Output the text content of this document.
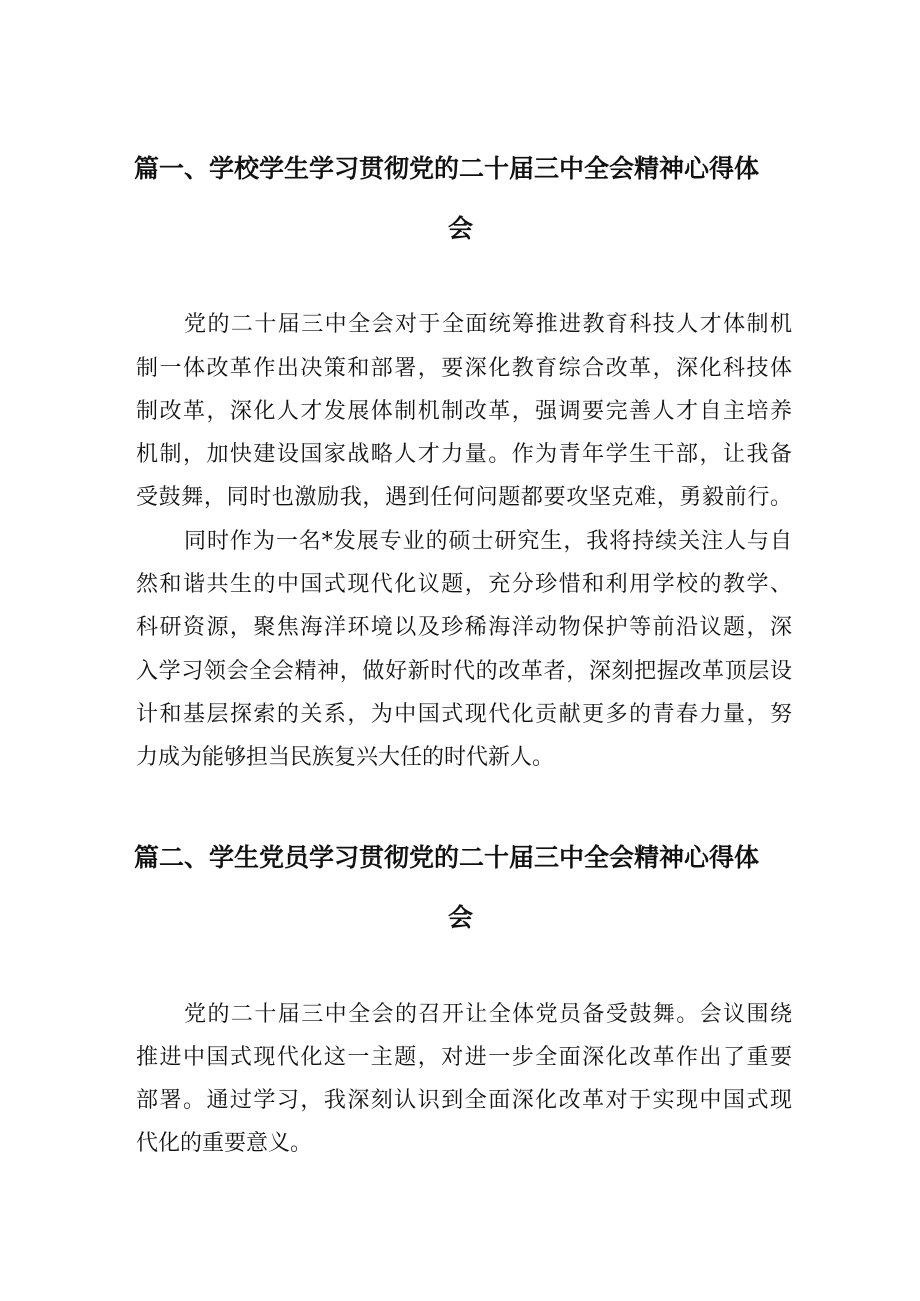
篇一、学校学生学习贯彻党的二十届三中全会精神心得体
会
党的二十届三中全会对于全面统筹推进教育科技人才体制机
制一体改革作出决策和部署，要深化教育综合改革，深化科技体
制改革，深化人才发展体制机制改革，强调要完善人才自主培养
机制，加快建设国家战略人才力量。作为青年学生干部，让我备
受鼓舞，同时也激励我，遇到任何问题都要攻坚克难，勇毅前行。
同时作为一名*发展专业的硕士研究生，我将持续关注人与自
然和谐共生的中国式现代化议题，充分珍惜和利用学校的教学、
科研资源，聚焦海洋环境以及珍稀海洋动物保护等前沿议题，深
入学习领会全会精神，做好新时代的改革者，深刻把握改革顶层设
计和基层探索的关系，为中国式现代化贡献更多的青春力量，努
力成为能够担当民族复兴大任的时代新人。
篇二、学生党员学习贯彻党的二十届三中全会精神心得体
会
党的二十届三中全会的召开让全体党员备受鼓舞。会议围绕
推进中国式现代化这一主题，对进一步全面深化改革作出了重要
部署。通过学习，我深刻认识到全面深化改革对于实现中国式现
代化的重要意义。
